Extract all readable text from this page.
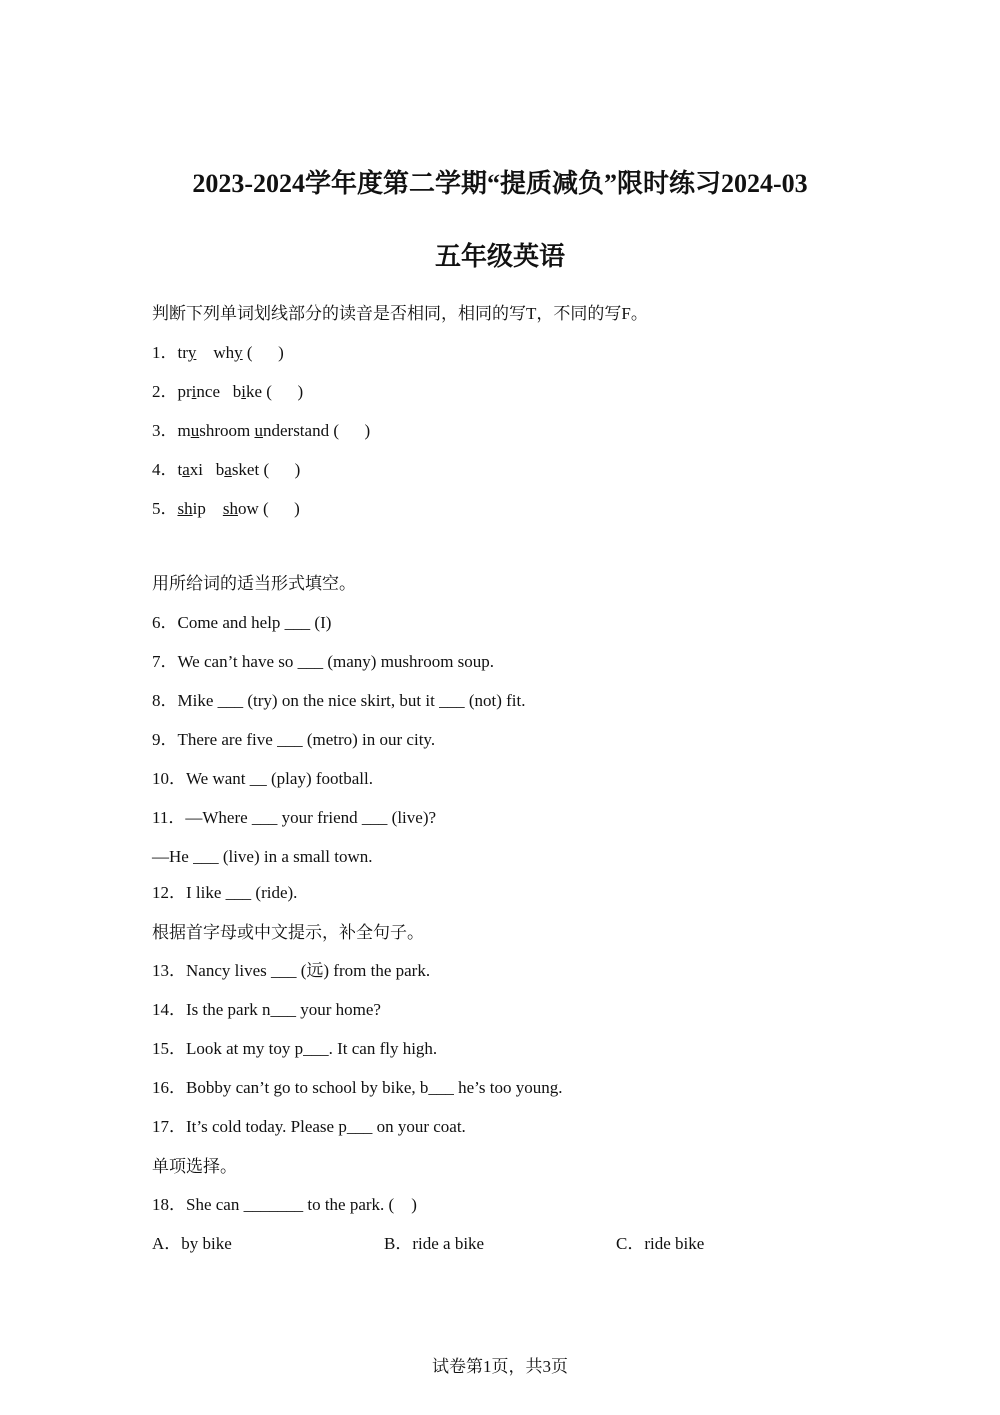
2023-2024学年度第二学期“提质减负”限时练习2024-03
五年级英语
判断下列单词划线部分的读音是否相同，相同的写T，不同的写F。
1．try why (      )
2．prince bike (      )
3．mushroom understand (      )
4．taxi basket (      )
5．ship show (      )
用所给词的适当形式填空。
6．Come and help ___ (I)
7．We can’t have so ___ (many) mushroom soup.
8．Mike ___ (try) on the nice skirt, but it ___ (not) fit.
9．There are five ___ (metro) in our city.
10．We want __ (play) football.
11．—Where ___ your friend ___ (live)?
—He ___ (live) in a small town.
12．I like ___ (ride).
根据首字母或中文提示，补全句子。
13．Nancy lives ___ (远) from the park.
14．Is the park n___ your home?
15．Look at my toy p___. It can fly high.
16．Bobby can’t go to school by bike, b___ he’s too young.
17．It’s cold today. Please p___ on your coat.
单项选择。
18．She can _______ to the park. (    )
A．by bike	B．ride a bike	C．ride bike
试卷第1页，共3页
